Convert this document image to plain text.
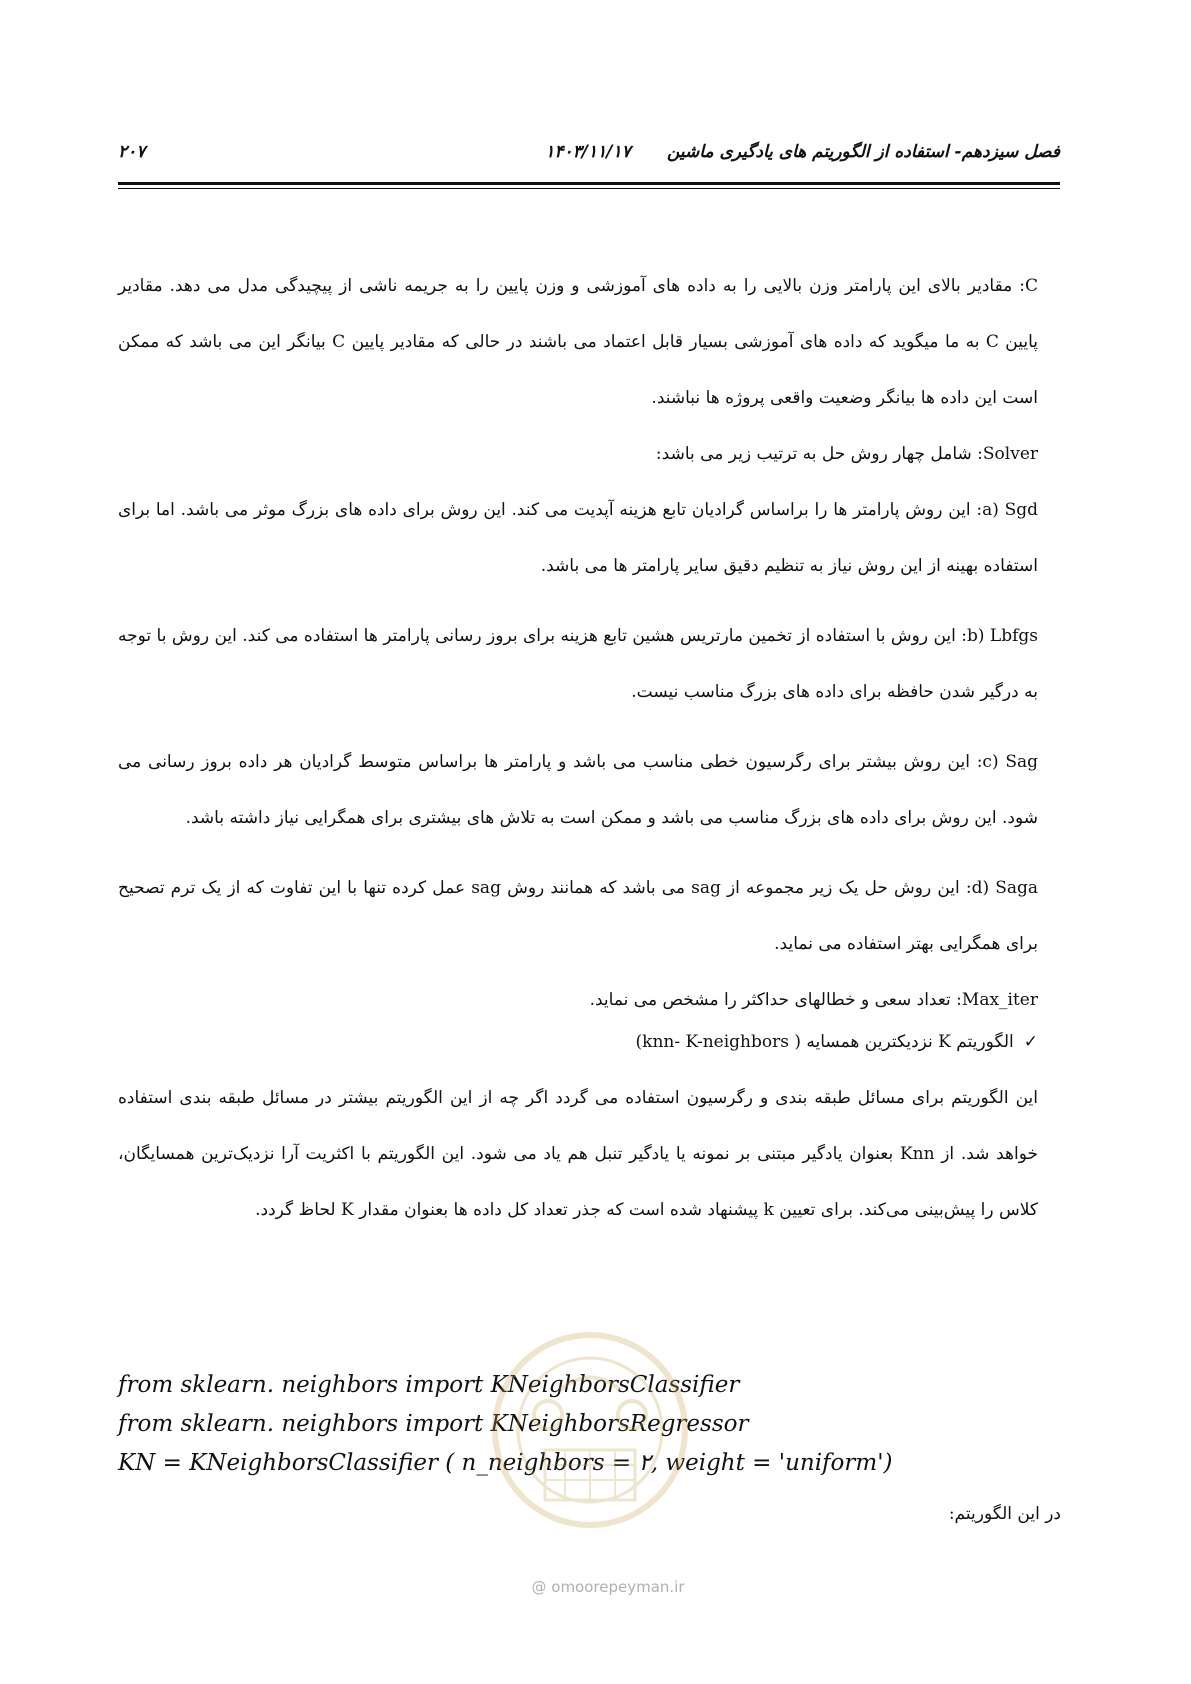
فصل سیزدهم- استفاده از الگوریتم های یادگیری ماشین
۱۴۰۳/۱۱/۱۷
۲۰۷

C: مقادیر بالای این پارامتر وزن بالایی را به داده های آموزشی و وزن پایین را به جریمه ناشی از پیچیدگی مدل می دهد. مقادیر پایین C به ما میگوید که داده های آموزشی بسیار قابل اعتماد می باشند در حالی که مقادیر پایین C بیانگر این می باشد که ممکن است این داده ها بیانگر وضعیت واقعی پروژه ها نباشند.

Solver: شامل چهار روش حل به ترتیب زیر می باشد:

a) Sgd: این روش پارامتر ها را براساس گرادیان تابع هزینه آپدیت می کند. این روش برای داده های بزرگ موثر می باشد. اما برای استفاده بهینه از این روش نیاز به تنظیم دقیق سایر پارامتر ها می باشد.

b) Lbfgs: این روش با استفاده از تخمین مارتریس هشین تابع هزینه برای بروز رسانی پارامتر ها استفاده می کند. این روش با توجه به درگیر شدن حافظه برای داده های بزرگ مناسب نیست.

c) Sag: این روش بیشتر برای رگرسیون خطی مناسب می باشد و پارامتر ها براساس متوسط گرادیان هر داده بروز رسانی می شود. این روش برای داده های بزرگ مناسب می باشد و ممکن است به تلاش های بیشتری برای همگرایی نیاز داشته باشد.

d) Saga: این روش حل یک زیر مجموعه از sag می باشد که همانند روش sag عمل کرده تنها با این تفاوت که از یک ترم تصحیح برای همگرایی بهتر استفاده می نماید.

Max_iter: تعداد سعی و خطالهای حداکثر را مشخص می نماید.

✓الگوریتم K نزدیکترین همسایه ( knn- K-neighbors)

این الگوریتم برای مسائل طبقه بندی و رگرسیون استفاده می گردد اگر چه از این الگوریتم بیشتر در مسائل طبقه بندی استفاده خواهد شد. از Knn بعنوان یادگیر مبتنی بر نمونه یا یادگیر تنبل هم یاد می شود. این الگوریتم با اکثریت آرا نزدیک‌ترین همسایگان، کلاس را پیش‌بینی می‌کند. برای تعیین k پیشنهاد شده است که جذر تعداد کل داده ها بعنوان مقدار K لحاظ گردد.

from sklearn. neighbors import KNeighborsClassifier
from sklearn. neighbors import KNeighborsRegressor
KN = KNeighborsClassifier ( n_neighbors = ۲, weight = 'uniform')
در این الگوریتم:
@ omoorepeyman.ir
